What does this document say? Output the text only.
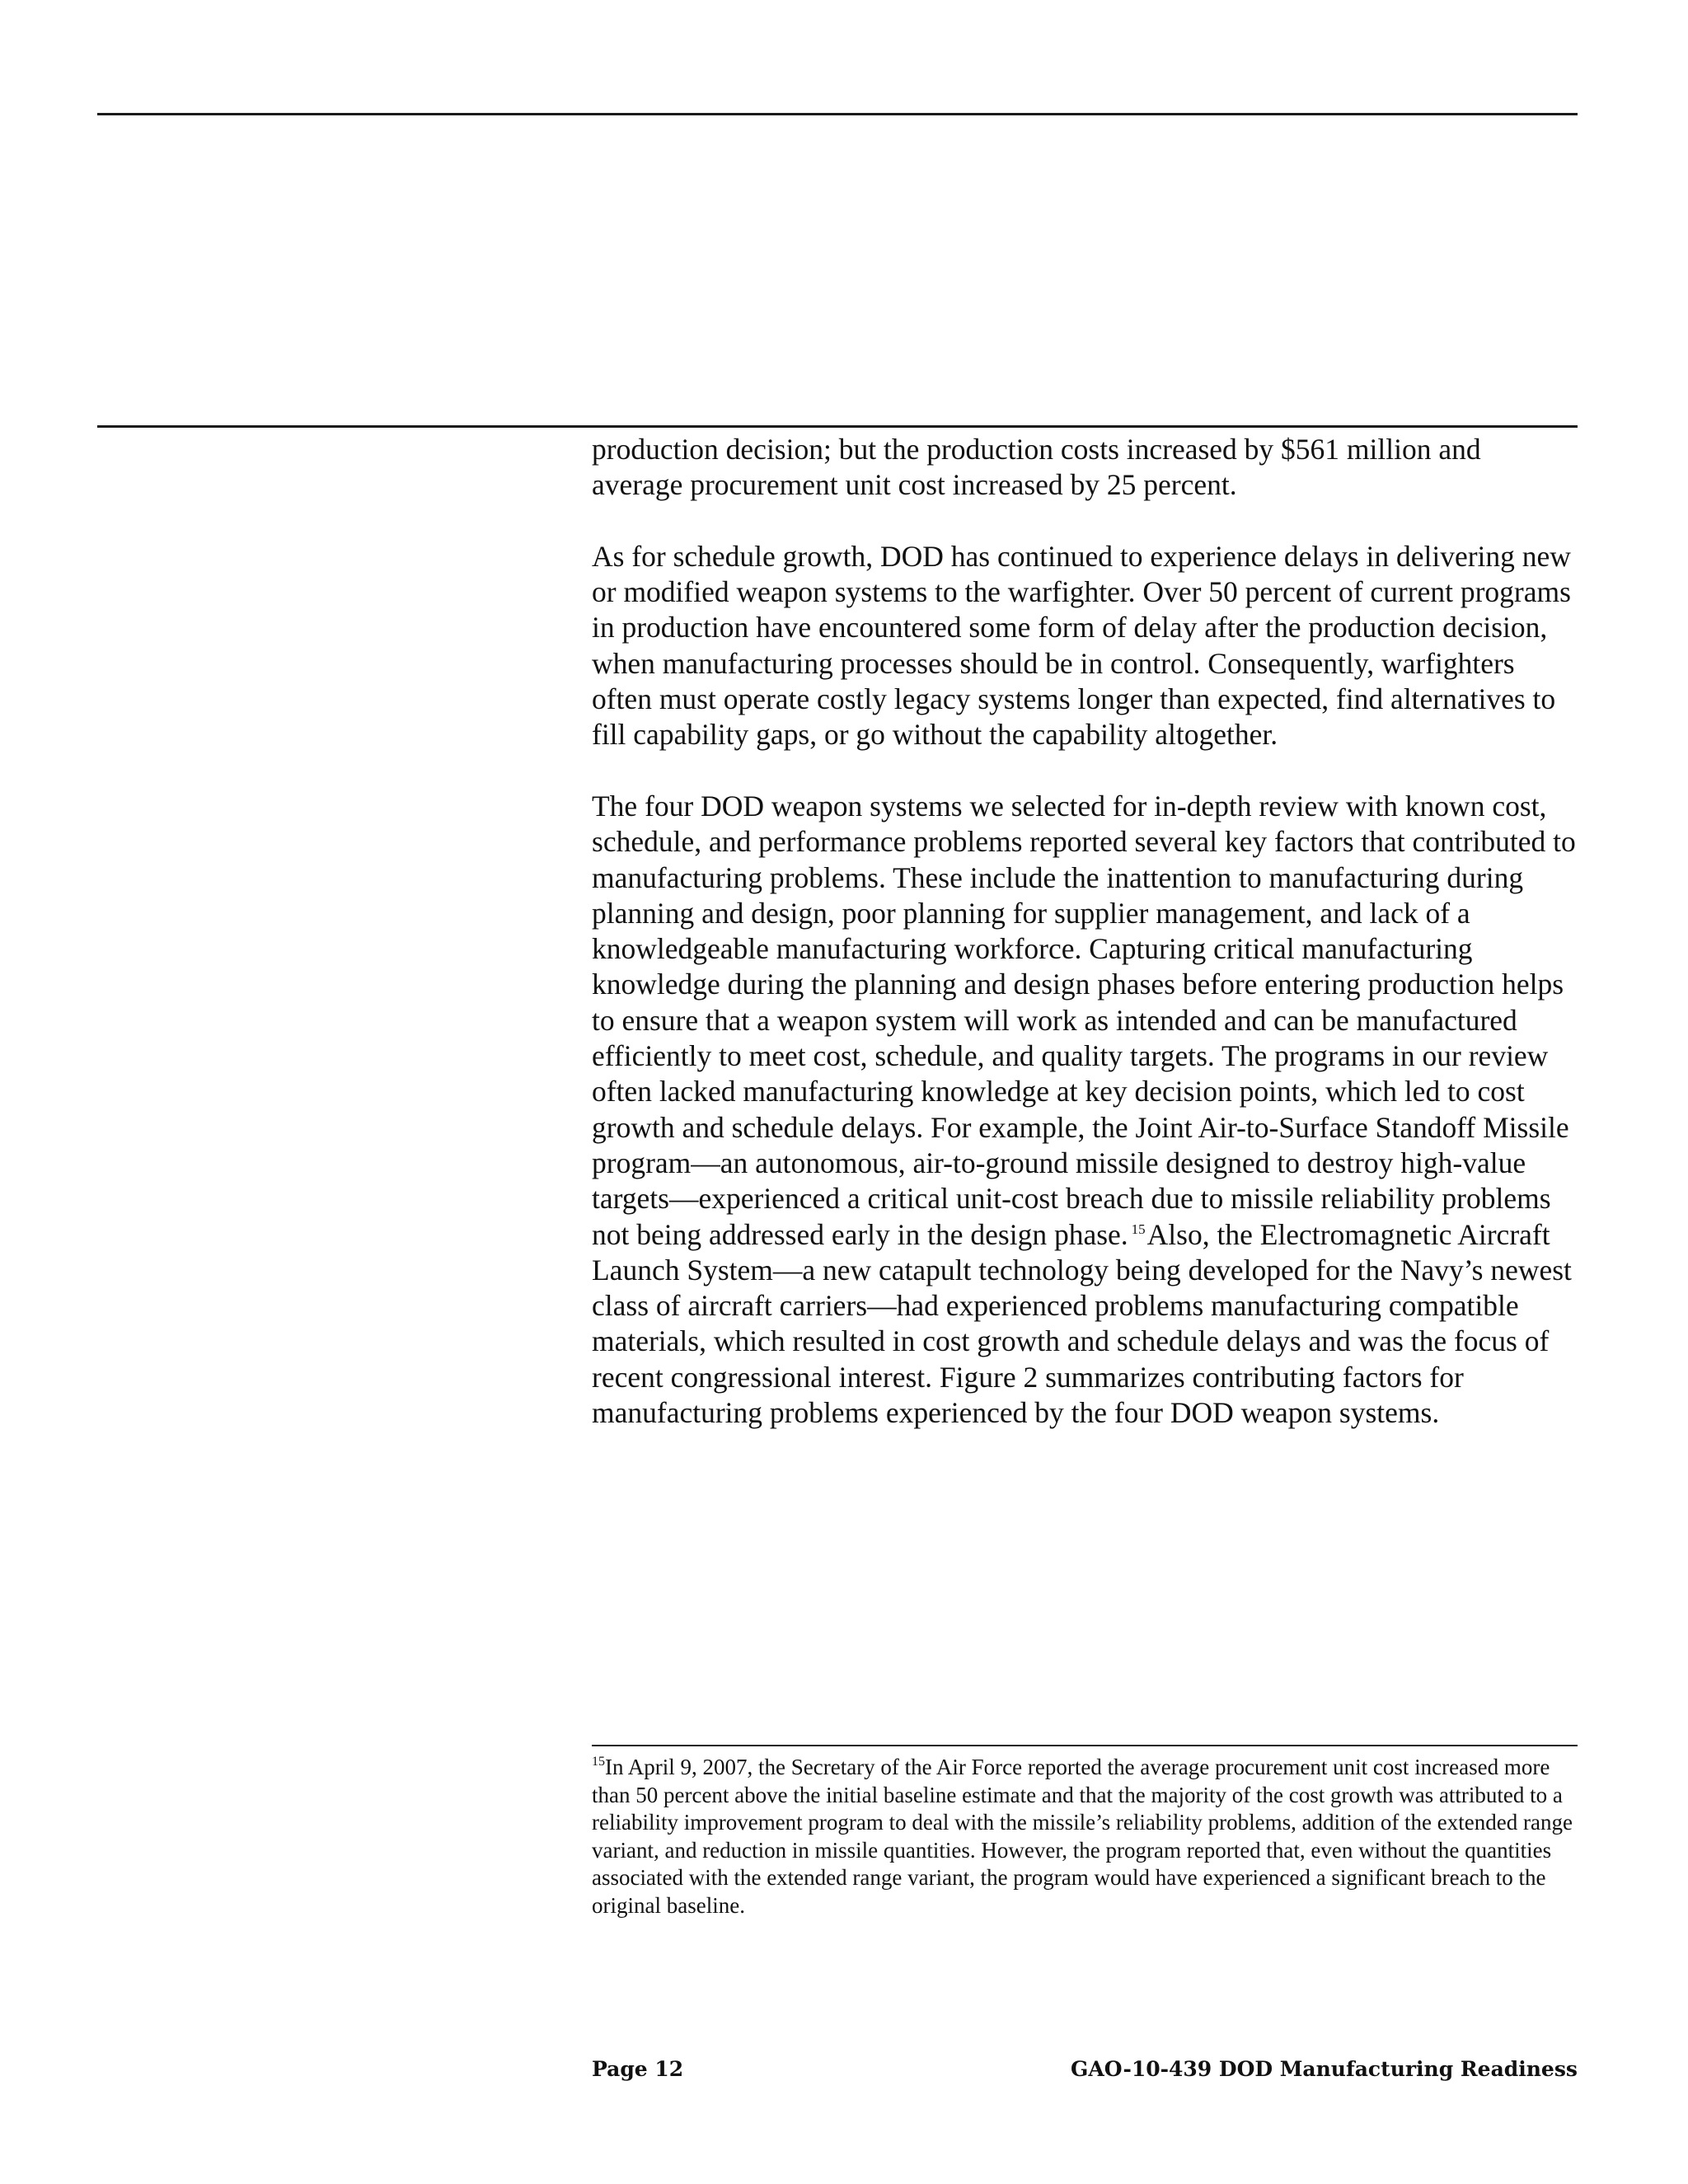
production decision; but the production costs increased by $561 million and average procurement unit cost increased by 25 percent.

As for schedule growth, DOD has continued to experience delays in delivering new or modified weapon systems to the warfighter. Over 50 percent of current programs in production have encountered some form of delay after the production decision, when manufacturing processes should be in control. Consequently, warfighters often must operate costly legacy systems longer than expected, find alternatives to fill capability gaps, or go without the capability altogether.

The four DOD weapon systems we selected for in-depth review with known cost, schedule, and performance problems reported several key factors that contributed to manufacturing problems. These include the inattention to manufacturing during planning and design, poor planning for supplier management, and lack of a knowledgeable manufacturing workforce. Capturing critical manufacturing knowledge during the planning and design phases before entering production helps to ensure that a weapon system will work as intended and can be manufactured efficiently to meet cost, schedule, and quality targets. The programs in our review often lacked manufacturing knowledge at key decision points, which led to cost growth and schedule delays. For example, the Joint Air-to-Surface Standoff Missile program—an autonomous, air-to-ground missile designed to destroy high-value targets—experienced a critical unit-cost breach due to missile reliability problems not being addressed early in the design phase. $^{15}$Also, the Electromagnetic Aircraft Launch System—a new catapult technology being developed for the Navy’s newest class of aircraft carriers—had experienced problems manufacturing compatible materials, which resulted in cost growth and schedule delays and was the focus of recent congressional interest. Figure 2 summarizes contributing factors for manufacturing problems experienced by the four DOD weapon systems.

$^{15}$In April 9, 2007, the Secretary of the Air Force reported the average procurement unit cost increased more than 50 percent above the initial baseline estimate and that the majority of the cost growth was attributed to a reliability improvement program to deal with the missile’s reliability problems, addition of the extended range variant, and reduction in missile quantities. However, the program reported that, even without the quantities associated with the extended range variant, the program would have experienced a significant breach to the original baseline.
Page 12	GAO-10-439 DOD Manufacturing Readiness
